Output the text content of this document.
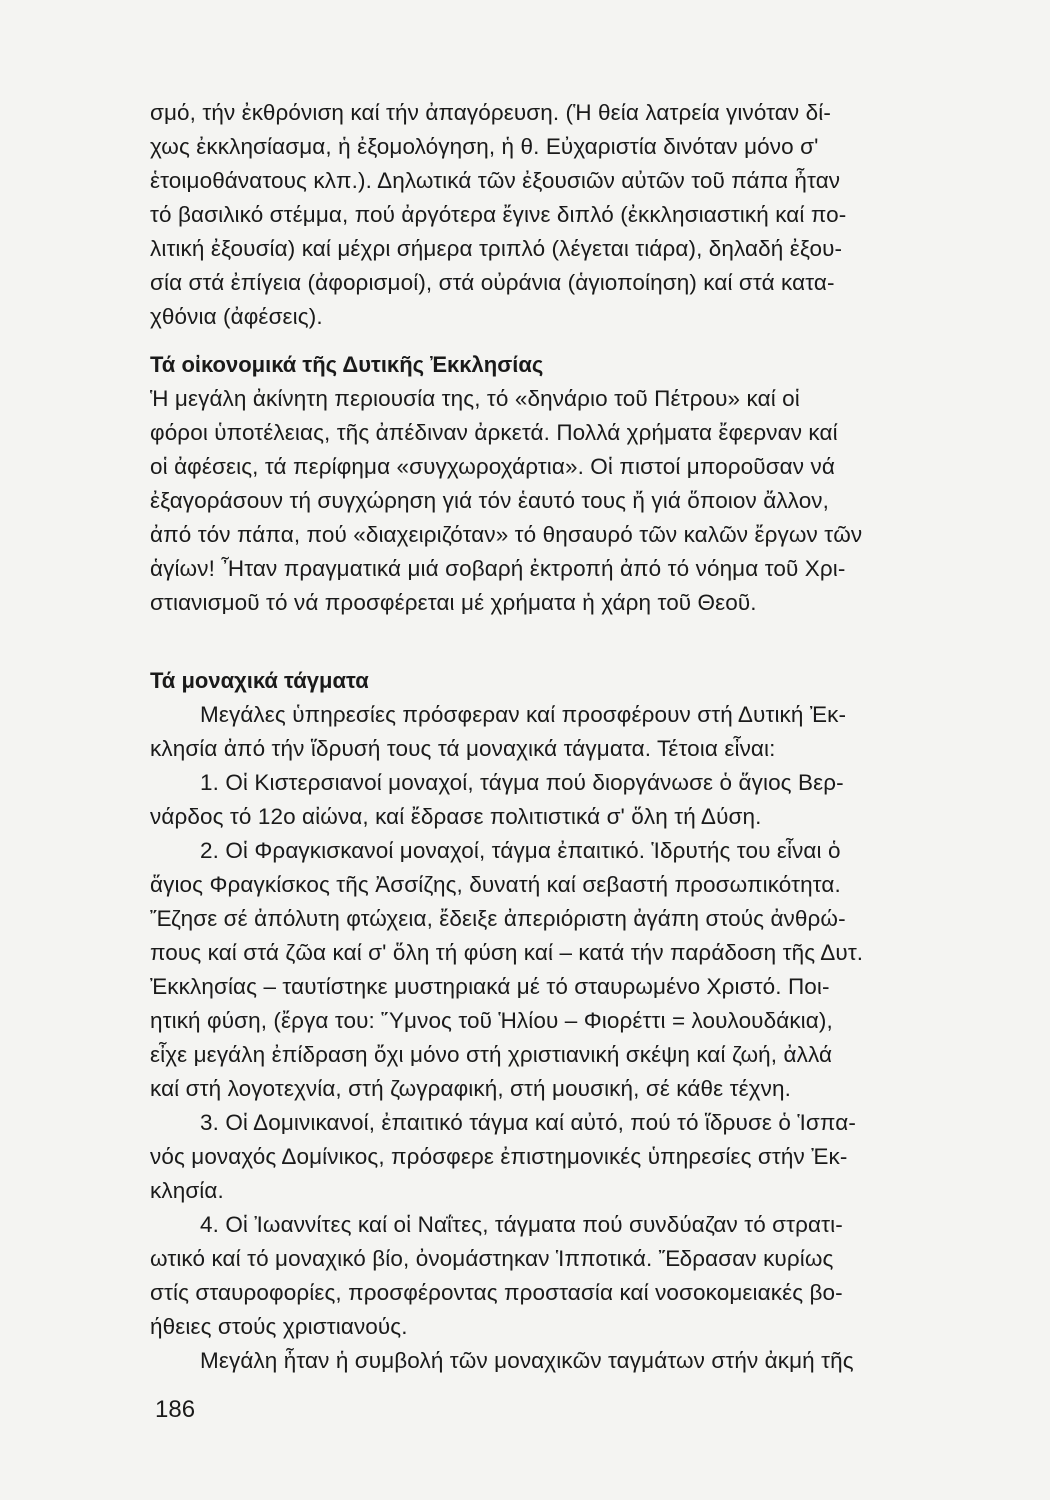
σμό, τήν ἐκθρόνιση καί τήν ἀπαγόρευση. (Ἡ θεία λατρεία γινόταν δί-
χως ἐκκλησίασμα, ἡ ἐξομολόγηση, ἡ θ. Εὐχαριστία δινόταν μόνο σ'
ἑτοιμοθάνατους κλπ.). Δηλωτικά τῶν ἐξουσιῶν αὐτῶν τοῦ πάπα ἦταν
τό βασιλικό στέμμα, πού ἀργότερα ἔγινε διπλό (ἐκκλησιαστική καί πο-
λιτική ἐξουσία) καί μέχρι σήμερα τριπλό (λέγεται τιάρα), δηλαδή ἐξου-
σία στά ἐπίγεια (ἀφορισμοί), στά οὐράνια (ἁγιοποίηση) καί στά κατα-
χθόνια (ἀφέσεις).

Τά οἰκονομικά τῆς Δυτικῆς Ἐκκλησίας

Ἡ μεγάλη ἀκίνητη περιουσία της, τό «δηνάριο τοῦ Πέτρου» καί οἱ
φόροι ὑποτέλειας, τῆς ἀπέδιναν ἀρκετά. Πολλά χρήματα ἔφερναν καί
οἱ ἀφέσεις, τά περίφημα «συγχωροχάρτια». Οἱ πιστοί μποροῦσαν νά
ἐξαγοράσουν τή συγχώρηση γιά τόν ἑαυτό τους ἤ γιά ὅποιον ἄλλον,
ἀπό τόν πάπα, πού «διαχειριζόταν» τό θησαυρό τῶν καλῶν ἔργων τῶν
ἁγίων! Ἦταν πραγματικά μιά σοβαρή ἐκτροπή ἀπό τό νόημα τοῦ Χρι-
στιανισμοῦ τό νά προσφέρεται μέ χρήματα ἡ χάρη τοῦ Θεοῦ.

Τά μοναχικά τάγματα

Μεγάλες ὑπηρεσίες πρόσφεραν καί προσφέρουν στή Δυτική Ἐκ-
κλησία ἀπό τήν ἵδρυσή τους τά μοναχικά τάγματα. Τέτοια εἶναι:

1. Οἱ Κιστερσιανοί μοναχοί, τάγμα πού διοργάνωσε ὁ ἅγιος Βερ-
νάρδος τό 12ο αἰώνα, καί ἔδρασε πολιτιστικά σ' ὅλη τή Δύση.

2. Οἱ Φραγκισκανοί μοναχοί, τάγμα ἐπαιτικό. Ἱδρυτής του εἶναι ὁ
ἅγιος Φραγκίσκος τῆς Ἀσσίζης, δυνατή καί σεβαστή προσωπικότητα.
Ἔζησε σέ ἀπόλυτη φτώχεια, ἔδειξε ἀπεριόριστη ἀγάπη στούς ἀνθρώ-
πους καί στά ζῶα καί σ' ὅλη τή φύση καί – κατά τήν παράδοση τῆς Δυτ.
Ἐκκλησίας – ταυτίστηκε μυστηριακά μέ τό σταυρωμένο Χριστό. Ποι-
ητική φύση, (ἔργα του: Ὕμνος τοῦ Ἡλίου – Φιορέττι = λουλουδάκια),
εἶχε μεγάλη ἐπίδραση ὄχι μόνο στή χριστιανική σκέψη καί ζωή, ἀλλά
καί στή λογοτεχνία, στή ζωγραφική, στή μουσική, σέ κάθε τέχνη.

3. Οἱ Δομινικανοί, ἐπαιτικό τάγμα καί αὐτό, πού τό ἵδρυσε ὁ Ἱσπα-
νός μοναχός Δομίνικος, πρόσφερε ἐπιστημονικές ὑπηρεσίες στήν Ἐκ-
κλησία.

4. Οἱ Ἰωαννίτες καί οἱ Ναΐτες, τάγματα πού συνδύαζαν τό στρατι-
ωτικό καί τό μοναχικό βίο, ὀνομάστηκαν Ἱπποτικά. Ἔδρασαν κυρίως
στίς σταυροφορίες, προσφέροντας προστασία καί νοσοκομειακές βο-
ήθειες στούς χριστιανούς.

Μεγάλη ἦταν ἡ συμβολή τῶν μοναχικῶν ταγμάτων στήν ἀκμή τῆς

186
